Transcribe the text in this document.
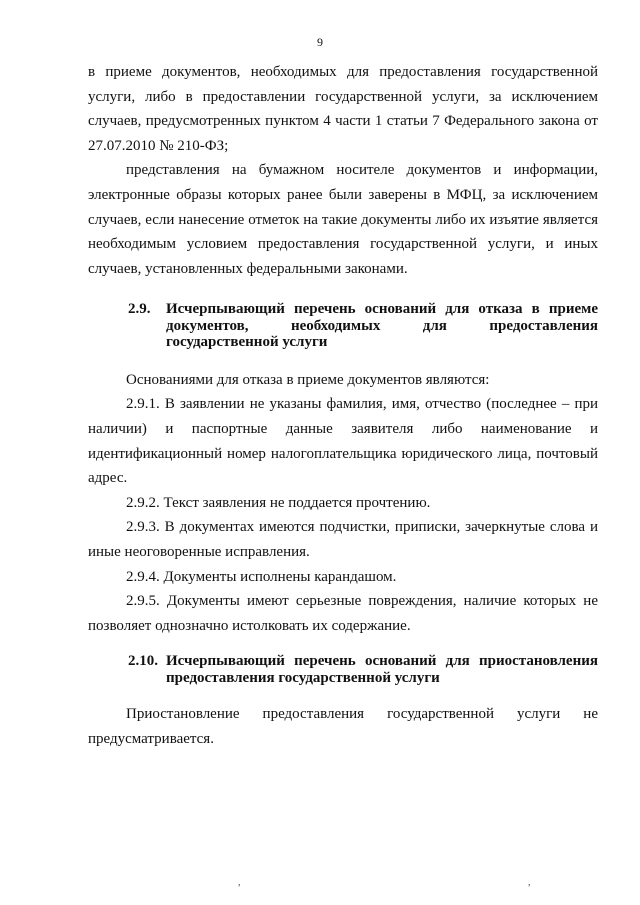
9

в приеме документов, необходимых для предоставления государственной услуги, либо в предоставлении государственной услуги, за исключением случаев, предусмотренных пунктом 4 части 1 статьи 7 Федерального закона от 27.07.2010 № 210-ФЗ;

представления на бумажном носителе документов и информации, электронные образы которых ранее были заверены в МФЦ, за исключением случаев, если нанесение отметок на такие документы либо их изъятие является необходимым условием предоставления государственной услуги, и иных случаев, установленных федеральными законами.

2.9.	Исчерпывающий перечень оснований для отказа в приеме документов, необходимых для предоставления государственной услуги

Основаниями для отказа в приеме документов являются:

2.9.1. В заявлении не указаны фамилия, имя, отчество (последнее – при наличии) и паспортные данные заявителя либо наименование и идентификационный номер налогоплательщика юридического лица, почтовый адрес.

2.9.2. Текст заявления не поддается прочтению.

2.9.3. В документах имеются подчистки, приписки, зачеркнутые слова и иные неоговоренные исправления.

2.9.4. Документы исполнены карандашом.

2.9.5. Документы имеют серьезные повреждения, наличие которых не позволяет однозначно истолковать их содержание.

2.10. Исчерпывающий перечень оснований для приостановления предоставления государственной услуги

Приостановление предоставления государственной услуги не предусматривается.

,	,
